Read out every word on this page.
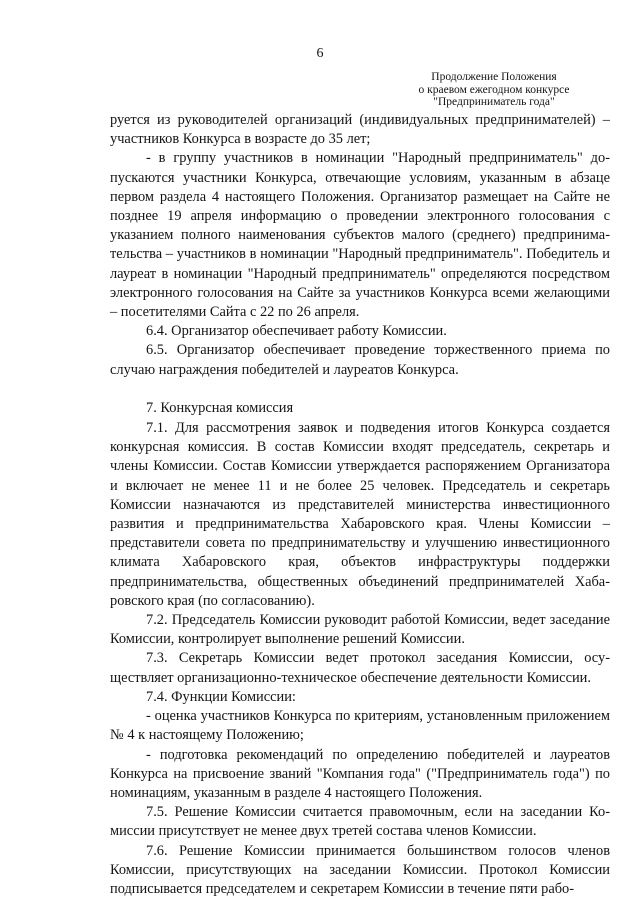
6
Продолжение Положения
о краевом ежегодном конкурсе
"Предприниматель года"

руется из руководителей организаций (индивидуальных предпринимателей) – участников Конкурса в возрасте до 35 лет;

- в группу участников в номинации "Народный предприниматель" допускаются участники Конкурса, отвечающие условиям, указанным в абзаце первом раздела 4 настоящего Положения. Организатор размещает на Сайте не позднее 19 апреля информацию о проведении электронного голосования с указанием полного наименования субъектов малого (среднего) предпринимательства – участников в номинации "Народный предприниматель". Победитель и лауреат в номинации "Народный предприниматель" определяются посредством электронного голосования на Сайте за участников Конкурса всеми желающими – посетителями Сайта с 22 по 26 апреля.

6.4. Организатор обеспечивает работу Комиссии.

6.5. Организатор обеспечивает проведение торжественного приема по случаю награждения победителей и лауреатов Конкурса.

7. Конкурсная комиссия

7.1. Для рассмотрения заявок и подведения итогов Конкурса создается конкурсная комиссия. В состав Комиссии входят председатель, секретарь и члены Комиссии. Состав Комиссии утверждается распоряжением Организатора и включает не менее 11 и не более 25 человек. Председатель и секретарь Комиссии назначаются из представителей министерства инвестиционного развития и предпринимательства Хабаровского края. Члены Комиссии – представители совета по предпринимательству и улучшению инвестиционного климата Хабаровского края, объектов инфраструктуры поддержки предпринимательства, общественных объединений предпринимателей Хабаровского края (по согласованию).

7.2. Председатель Комиссии руководит работой Комиссии, ведет заседание Комиссии, контролирует выполнение решений Комиссии.

7.3. Секретарь Комиссии ведет протокол заседания Комиссии, осуществляет организационно-техническое обеспечение деятельности Комиссии.

7.4. Функции Комиссии:

- оценка участников Конкурса по критериям, установленным приложением № 4 к настоящему Положению;

- подготовка рекомендаций по определению победителей и лауреатов Конкурса на присвоение званий "Компания года" ("Предприниматель года") по номинациям, указанным в разделе 4 настоящего Положения.

7.5. Решение Комиссии считается правомочным, если на заседании Комиссии присутствует не менее двух третей состава членов Комиссии.

7.6. Решение Комиссии принимается большинством голосов членов Комиссии, присутствующих на заседании Комиссии. Протокол Комиссии подписывается председателем и секретарем Комиссии в течение пяти рабо-
